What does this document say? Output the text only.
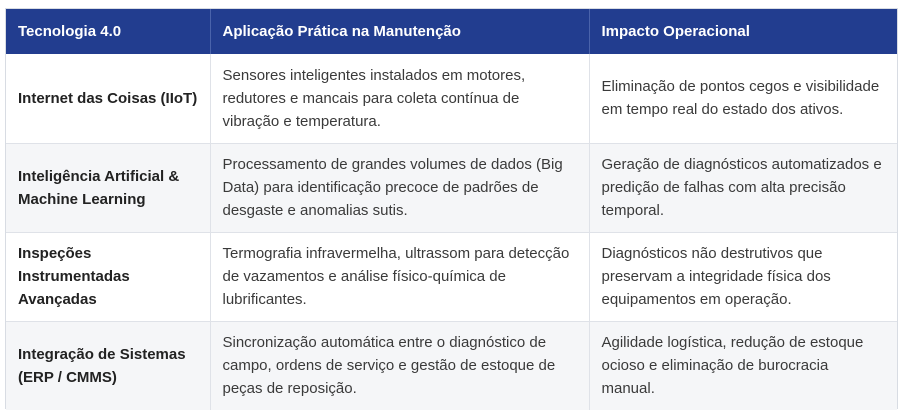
Tecnologia 4.0	Aplicação Prática na Manutenção	Impacto Operacional
Internet das Coisas (IIoT)	Sensores inteligentes instalados em motores, redutores e mancais para coleta contínua de vibração e temperatura.	Eliminação de pontos cegos e visibilidade em tempo real do estado dos ativos.
Inteligência Artificial & Machine Learning	Processamento de grandes volumes de dados (Big Data) para identificação precoce de padrões de desgaste e anomalias sutis.	Geração de diagnósticos automatizados e predição de falhas com alta precisão temporal.
Inspeções Instrumentadas Avançadas	Termografia infravermelha, ultrassom para detecção de vazamentos e análise físico-química de lubrificantes.	Diagnósticos não destrutivos que preservam a integridade física dos equipamentos em operação.
Integração de Sistemas (ERP / CMMS)	Sincronização automática entre o diagnóstico de campo, ordens de serviço e gestão de estoque de peças de reposição.	Agilidade logística, redução de estoque ocioso e eliminação de burocracia manual.
